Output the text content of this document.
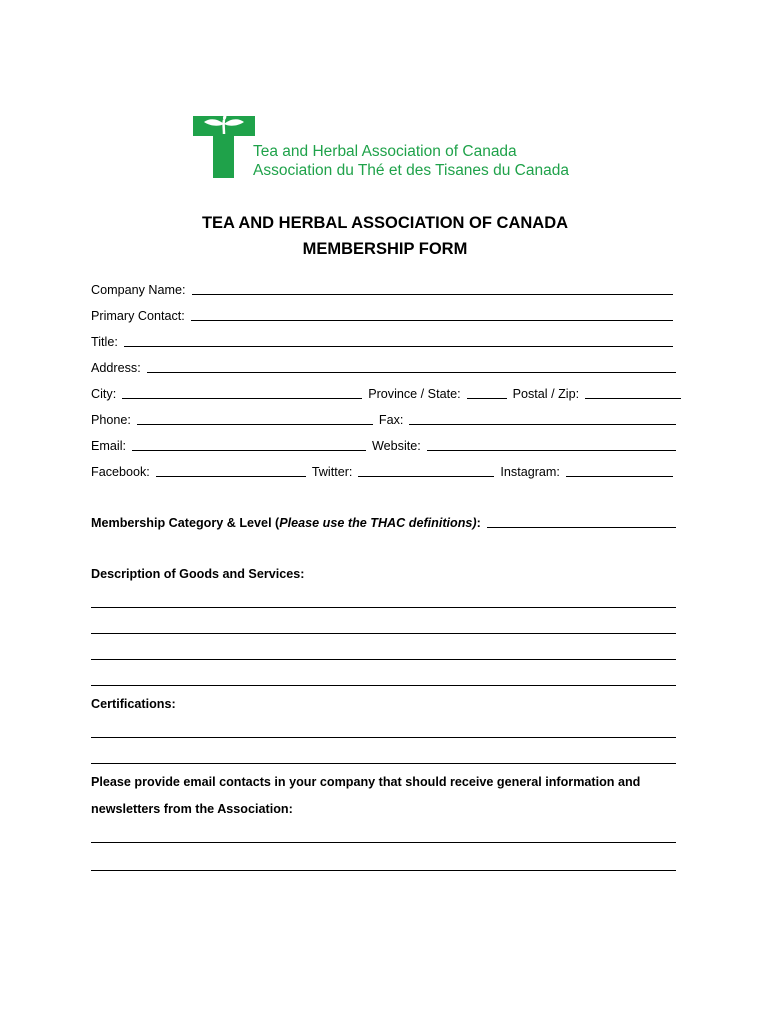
Tea and Herbal Association of Canada
Association du Thé et des Tisanes du Canada
TEA AND HERBAL ASSOCIATION OF CANADA
MEMBERSHIP FORM
Company Name:
Primary Contact:
Title:
Address:
City:	Province / State:	Postal / Zip:
Phone:	Fax:
Email:	Website:
Facebook:	Twitter:	Instagram:
Membership Category & Level ( Please use the THAC definitions) :
Description of Goods and Services:
Certifications:
Please provide email contacts in your company that should receive general information and
newsletters from the Association:
